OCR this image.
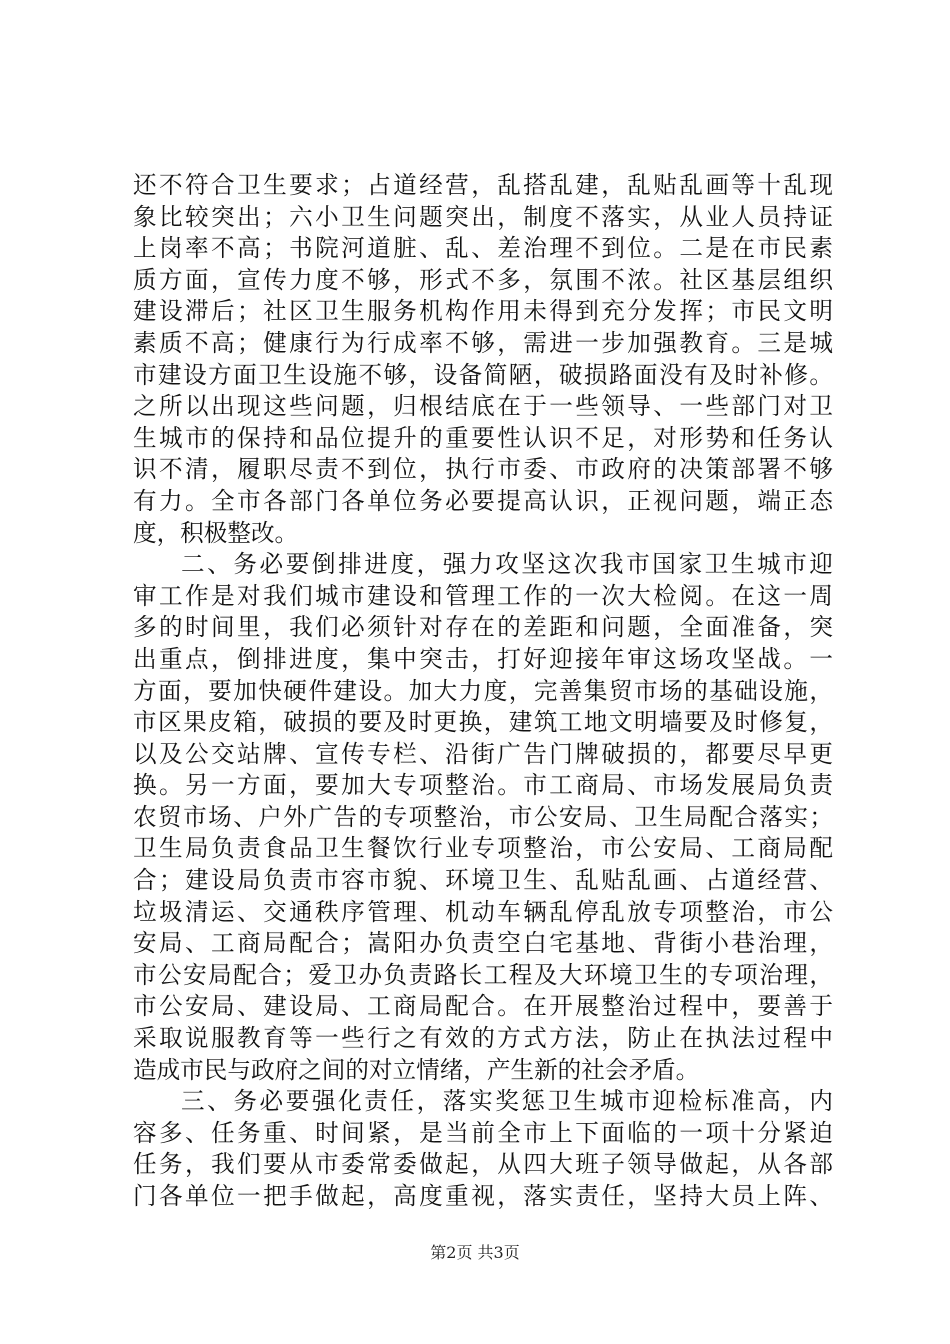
还不符合卫生要求；占道经营，乱搭乱建，乱贴乱画等十乱现
象比较突出；六小卫生问题突出，制度不落实，从业人员持证
上岗率不高；书院河道脏、乱、差治理不到位。二是在市民素
质方面，宣传力度不够，形式不多，氛围不浓。社区基层组织
建设滞后；社区卫生服务机构作用未得到充分发挥；市民文明
素质不高；健康行为行成率不够，需进一步加强教育。三是城
市建设方面卫生设施不够，设备简陋，破损路面没有及时补修。
之所以出现这些问题，归根结底在于一些领导、一些部门对卫
生城市的保持和品位提升的重要性认识不足，对形势和任务认
识不清，履职尽责不到位，执行市委、市政府的决策部署不够
有力。全市各部门各单位务必要提高认识，正视问题，端正态
度，积极整改。
二、务必要倒排进度，强力攻坚这次我市国家卫生城市迎
审工作是对我们城市建设和管理工作的一次大检阅。在这一周
多的时间里，我们必须针对存在的差距和问题，全面准备，突
出重点，倒排进度，集中突击，打好迎接年审这场攻坚战。一
方面，要加快硬件建设。加大力度，完善集贸市场的基础设施，
市区果皮箱，破损的要及时更换，建筑工地文明墙要及时修复，
以及公交站牌、宣传专栏、沿街广告门牌破损的，都要尽早更
换。另一方面，要加大专项整治。市工商局、市场发展局负责
农贸市场、户外广告的专项整治，市公安局、卫生局配合落实；
卫生局负责食品卫生餐饮行业专项整治，市公安局、工商局配
合；建设局负责市容市貌、环境卫生、乱贴乱画、占道经营、
垃圾清运、交通秩序管理、机动车辆乱停乱放专项整治，市公
安局、工商局配合；嵩阳办负责空白宅基地、背街小巷治理，
市公安局配合；爱卫办负责路长工程及大环境卫生的专项治理，
市公安局、建设局、工商局配合。在开展整治过程中，要善于
采取说服教育等一些行之有效的方式方法，防止在执法过程中
造成市民与政府之间的对立情绪，产生新的社会矛盾。
三、务必要强化责任，落实奖惩卫生城市迎检标准高，内
容多、任务重、时间紧，是当前全市上下面临的一项十分紧迫
任务，我们要从市委常委做起，从四大班子领导做起，从各部
门各单位一把手做起，高度重视，落实责任，坚持大员上阵、
第2页 共3页
